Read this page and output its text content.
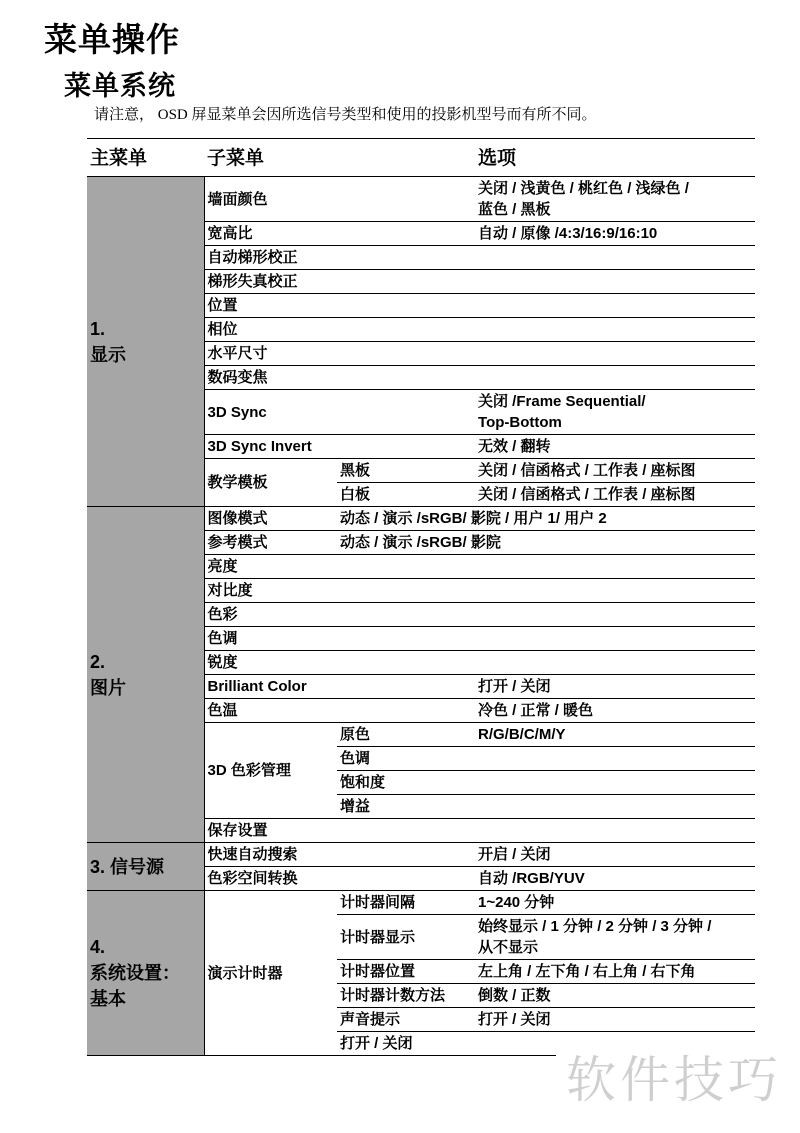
菜单操作
菜单系统
请注意， OSD 屏显菜单会因所选信号类型和使用的投影机型号而有所不同。
主菜单	子菜单		选项
1.
显示	墙面颜色		关闭 / 浅黄色 / 桃红色 / 浅绿色 /
蓝色 / 黑板
	宽高比		自动 / 原像 /4:3/16:9/16:10
	自动梯形校正		
	梯形失真校正		
	位置		
	相位		
	水平尺寸		
	数码变焦		
	3D Sync		关闭 /Frame Sequential/
Top-Bottom
	3D Sync Invert		无效 / 翻转
	教学模板	黑板	关闭 / 信函格式 / 工作表 / 座标图
		白板	关闭 / 信函格式 / 工作表 / 座标图
2.
图片	图像模式	动态 / 演示 /sRGB/ 影院 / 用户 1/ 用户 2	
	参考模式	动态 / 演示 /sRGB/ 影院	
	亮度		
	对比度		
	色彩		
	色调		
	锐度		
	Brilliant Color		打开 / 关闭
	色温		冷色 / 正常 / 暖色
	3D 色彩管理	原色	R/G/B/C/M/Y
		色调	
		饱和度	
		增益	
	保存设置		
3. 信号源	快速自动搜索		开启 / 关闭
	色彩空间转换		自动 /RGB/YUV
4.
系统设置：
基本	演示计时器	计时器间隔	1~240 分钟
		计时器显示	始终显示 / 1 分钟 / 2 分钟 / 3 分钟 /
从不显示
		计时器位置	左上角 / 左下角 / 右上角 / 右下角
		计时器计数方法	倒数 / 正数
		声音提示	打开 / 关闭
		打开 / 关闭	
软件技巧
